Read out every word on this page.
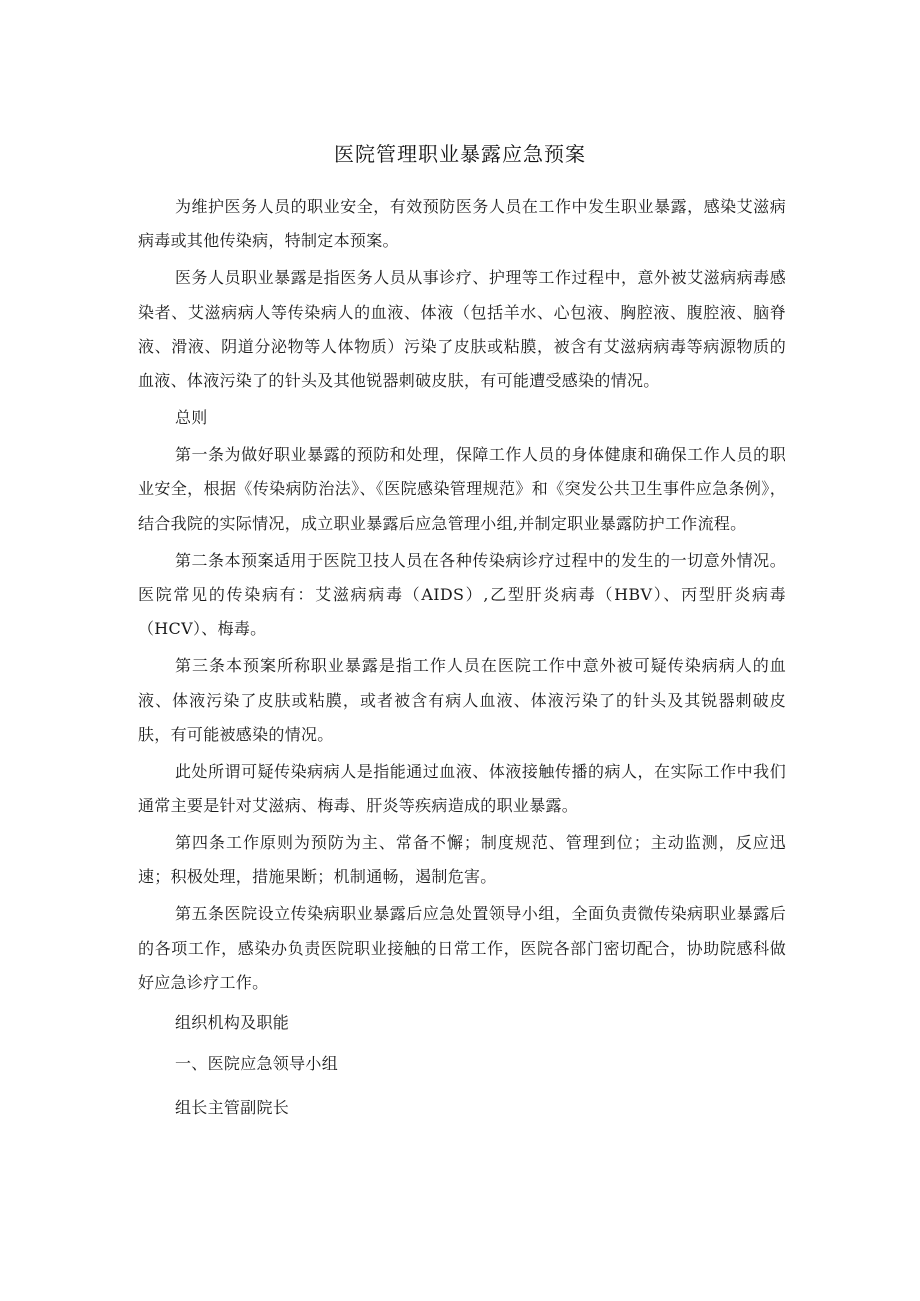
医院管理职业暴露应急预案

为维护医务人员的职业安全，有效预防医务人员在工作中发生职业暴露，感染艾滋病病毒或其他传染病，特制定本预案。

医务人员职业暴露是指医务人员从事诊疗、护理等工作过程中，意外被艾滋病病毒感染者、艾滋病病人等传染病人的血液、体液（包括羊水、心包液、胸腔液、腹腔液、脑脊液、滑液、阴道分泌物等人体物质）污染了皮肤或粘膜，被含有艾滋病病毒等病源物质的血液、体液污染了的针头及其他锐器刺破皮肤，有可能遭受感染的情况。

总则

第一条为做好职业暴露的预防和处理，保障工作人员的身体健康和确保工作人员的职业安全，根据《传染病防治法》、《医院感染管理规范》和《突发公共卫生事件应急条例》，结合我院的实际情况，成立职业暴露后应急管理小组,并制定职业暴露防护工作流程。

第二条本预案适用于医院卫技人员在各种传染病诊疗过程中的发生的一切意外情况。医院常见的传染病有：艾滋病病毒（AIDS）,乙型肝炎病毒（HBV）、丙型肝炎病毒（HCV）、梅毒。

第三条本预案所称职业暴露是指工作人员在医院工作中意外被可疑传染病病人的血液、体液污染了皮肤或粘膜，或者被含有病人血液、体液污染了的针头及其锐器刺破皮肤，有可能被感染的情况。

此处所谓可疑传染病病人是指能通过血液、体液接触传播的病人，在实际工作中我们通常主要是针对艾滋病、梅毒、肝炎等疾病造成的职业暴露。

第四条工作原则为预防为主、常备不懈；制度规范、管理到位；主动监测，反应迅速；积极处理，措施果断；机制通畅，遏制危害。

第五条医院设立传染病职业暴露后应急处置领导小组，全面负责微传染病职业暴露后的各项工作，感染办负责医院职业接触的日常工作，医院各部门密切配合，协助院感科做好应急诊疗工作。

组织机构及职能

一、医院应急领导小组

组长主管副院长
